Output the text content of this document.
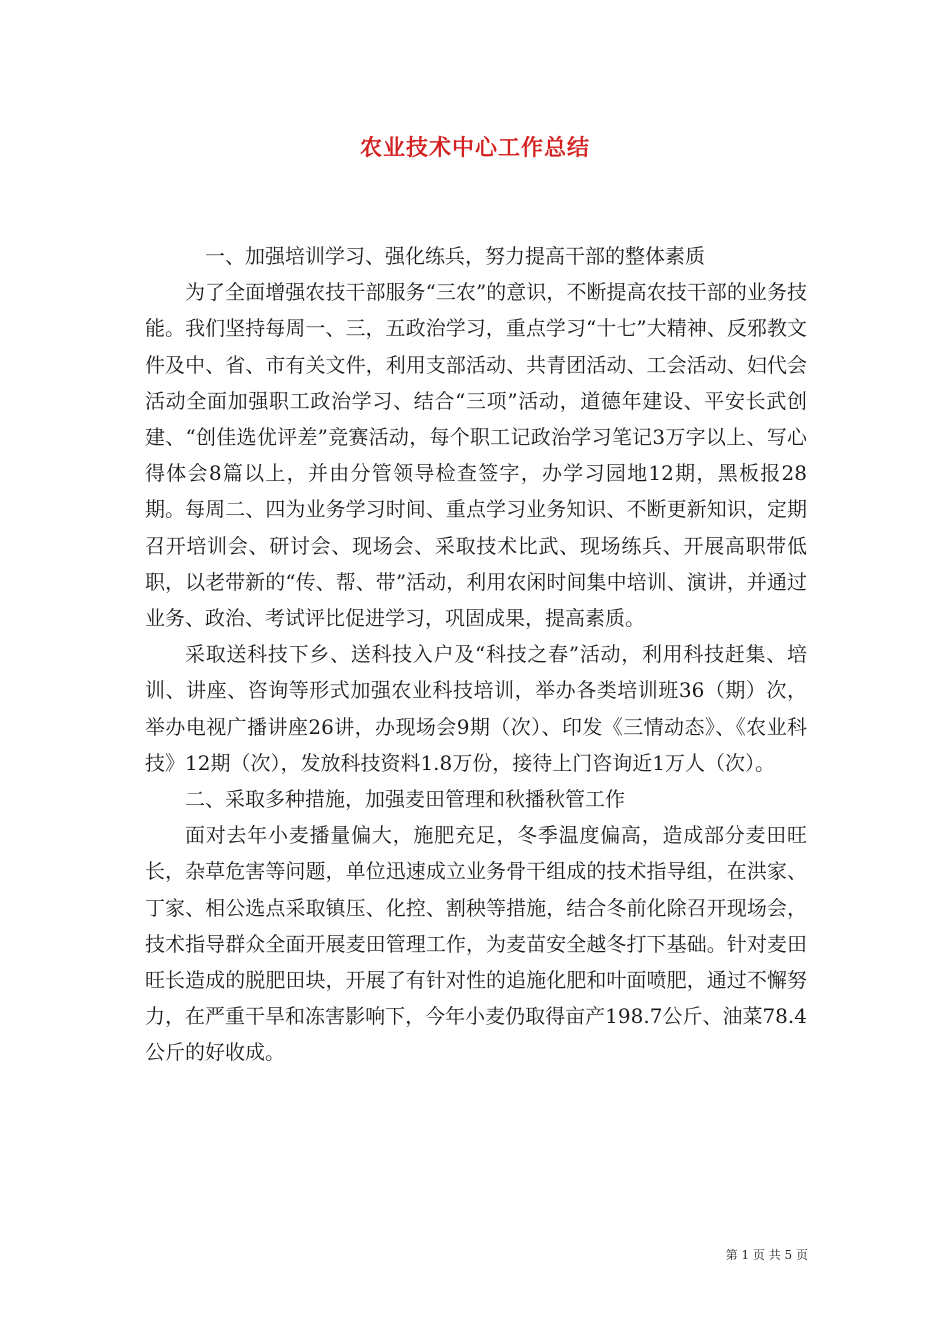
农业技术中心工作总结

一、加强培训学习、强化练兵，努力提高干部的整体素质

为了全面增强农技干部服务“三农”的意识，不断提高农技干部的业务技能。我们坚持每周一、三，五政治学习，重点学习“十七”大精神、反邪教文件及中、省、市有关文件，利用支部活动、共青团活动、工会活动、妇代会活动全面加强职工政治学习、结合“三项”活动，道德年建设、平安长武创建、“创佳选优评差”竞赛活动，每个职工记政治学习笔记3万字以上、写心得体会8篇以上，并由分管领导检查签字，办学习园地12期，黑板报28期。每周二、四为业务学习时间、重点学习业务知识、不断更新知识，定期召开培训会、研讨会、现场会、采取技术比武、现场练兵、开展高职带低职，以老带新的“传、帮、带”活动，利用农闲时间集中培训、演讲，并通过业务、政治、考试评比促进学习，巩固成果，提高素质。

采取送科技下乡、送科技入户及“科技之春”活动，利用科技赶集、培训、讲座、咨询等形式加强农业科技培训，举办各类培训班36（期）次，举办电视广播讲座26讲，办现场会9期（次）、印发《三情动态》、《农业科技》12期（次），发放科技资料1.8万份，接待上门咨询近1万人（次）。

二、采取多种措施，加强麦田管理和秋播秋管工作

面对去年小麦播量偏大，施肥充足，冬季温度偏高，造成部分麦田旺长，杂草危害等问题，单位迅速成立业务骨干组成的技术指导组，在洪家、丁家、相公选点采取镇压、化控、割秧等措施，结合冬前化除召开现场会，技术指导群众全面开展麦田管理工作，为麦苗安全越冬打下基础。针对麦田旺长造成的脱肥田块，开展了有针对性的追施化肥和叶面喷肥，通过不懈努力，在严重干旱和冻害影响下，今年小麦仍取得亩产198.7公斤、油菜78.4公斤的好收成。

第 1 页 共 5 页
